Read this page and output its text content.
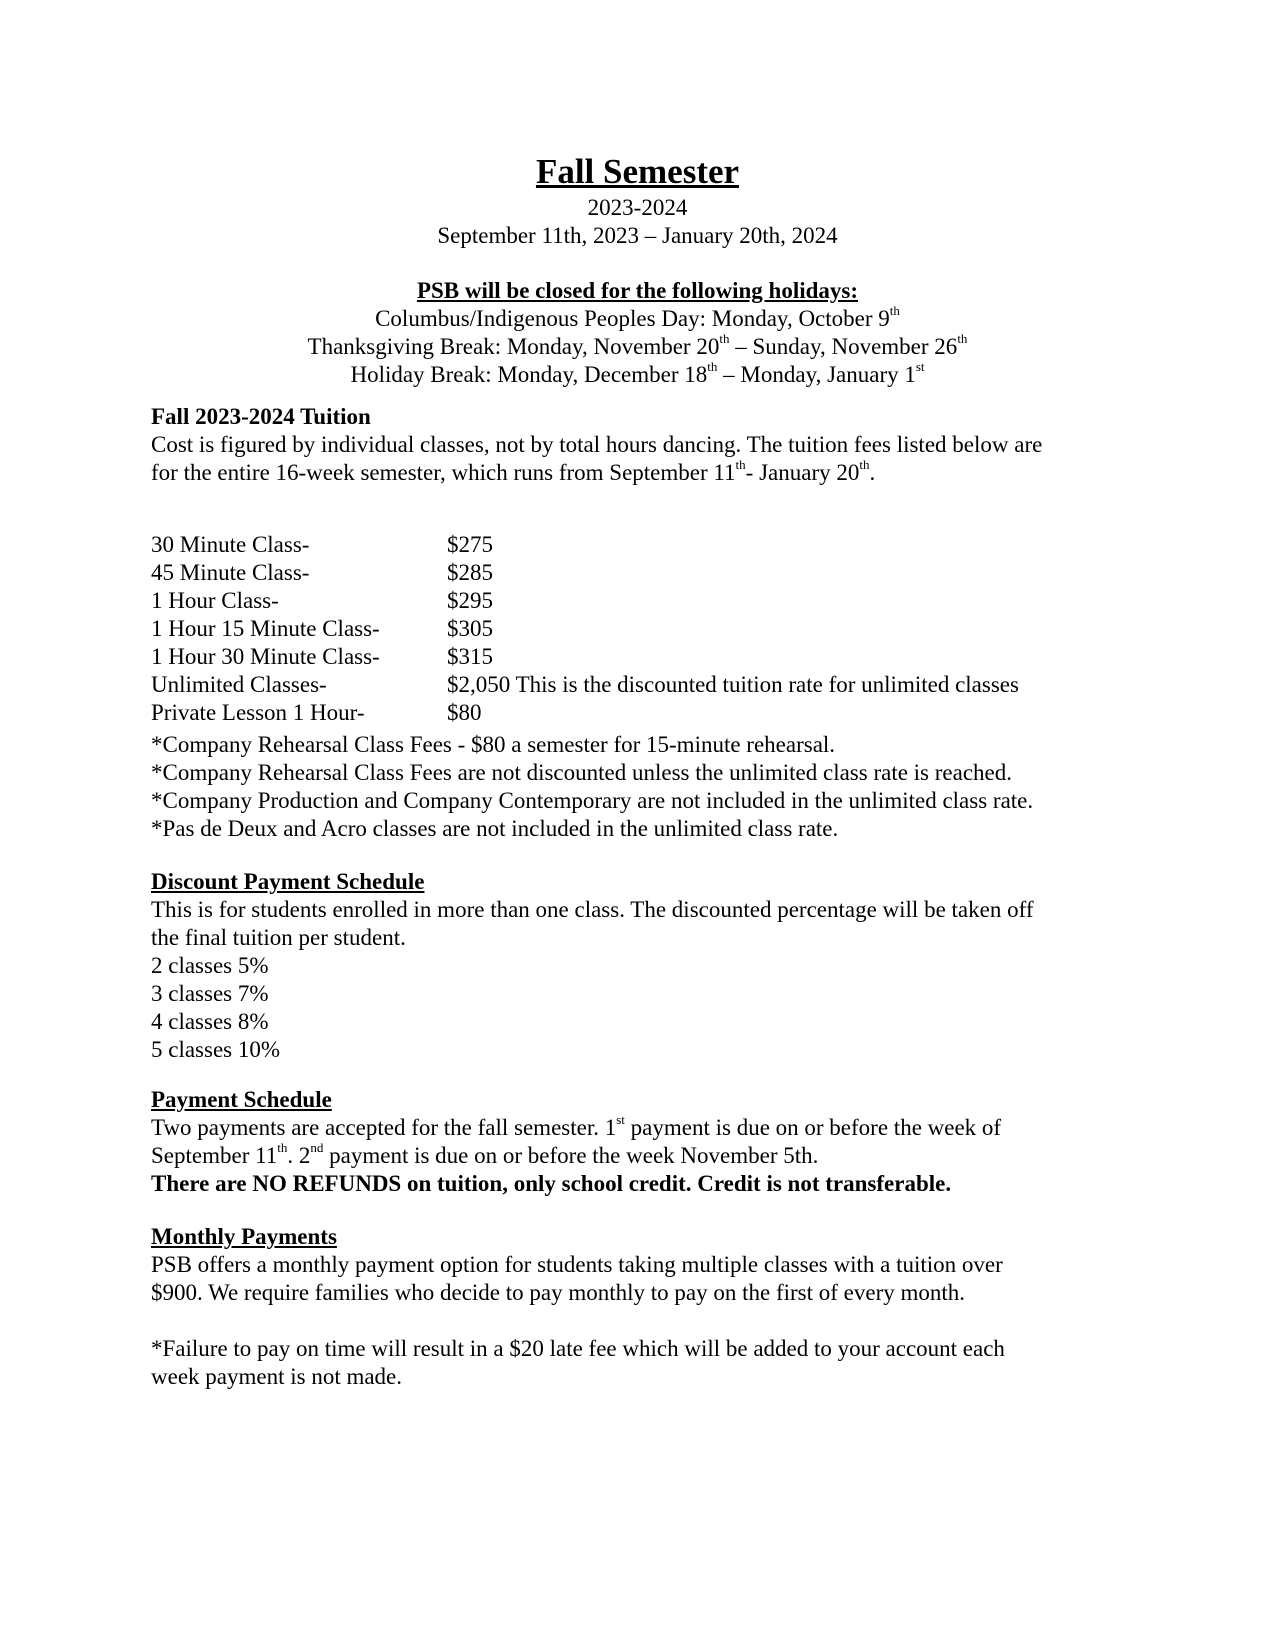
Fall Semester
2023-2024
September 11th, 2023 – January 20th, 2024
PSB will be closed for the following holidays:
Columbus/Indigenous Peoples Day: Monday, October 9th
Thanksgiving Break: Monday, November 20th – Sunday, November 26th
Holiday Break: Monday, December 18th – Monday, January 1st
Fall 2023-2024 Tuition
Cost is figured by individual classes, not by total hours dancing. The tuition fees listed below are
for the entire 16-week semester, which runs from September 11th- January 20th.
30 Minute Class-	$275
45 Minute Class-	$285
1 Hour Class-	$295
1 Hour 15 Minute Class-	$305
1 Hour 30 Minute Class-	$315
Unlimited Classes-	$2,050 This is the discounted tuition rate for unlimited classes
Private Lesson 1 Hour-	$80
*Company Rehearsal Class Fees - $80 a semester for 15-minute rehearsal.
*Company Rehearsal Class Fees are not discounted unless the unlimited class rate is reached.
*Company Production and Company Contemporary are not included in the unlimited class rate.
*Pas de Deux and Acro classes are not included in the unlimited class rate.
Discount Payment Schedule
This is for students enrolled in more than one class. The discounted percentage will be taken off
the final tuition per student.
2 classes 5%
3 classes 7%
4 classes 8%
5 classes 10%
Payment Schedule
Two payments are accepted for the fall semester. 1st payment is due on or before the week of
September 11th. 2nd payment is due on or before the week November 5th.
There are NO REFUNDS on tuition, only school credit. Credit is not transferable.
Monthly Payments
PSB offers a monthly payment option for students taking multiple classes with a tuition over
$900. We require families who decide to pay monthly to pay on the first of every month.
*Failure to pay on time will result in a $20 late fee which will be added to your account each
week payment is not made.
